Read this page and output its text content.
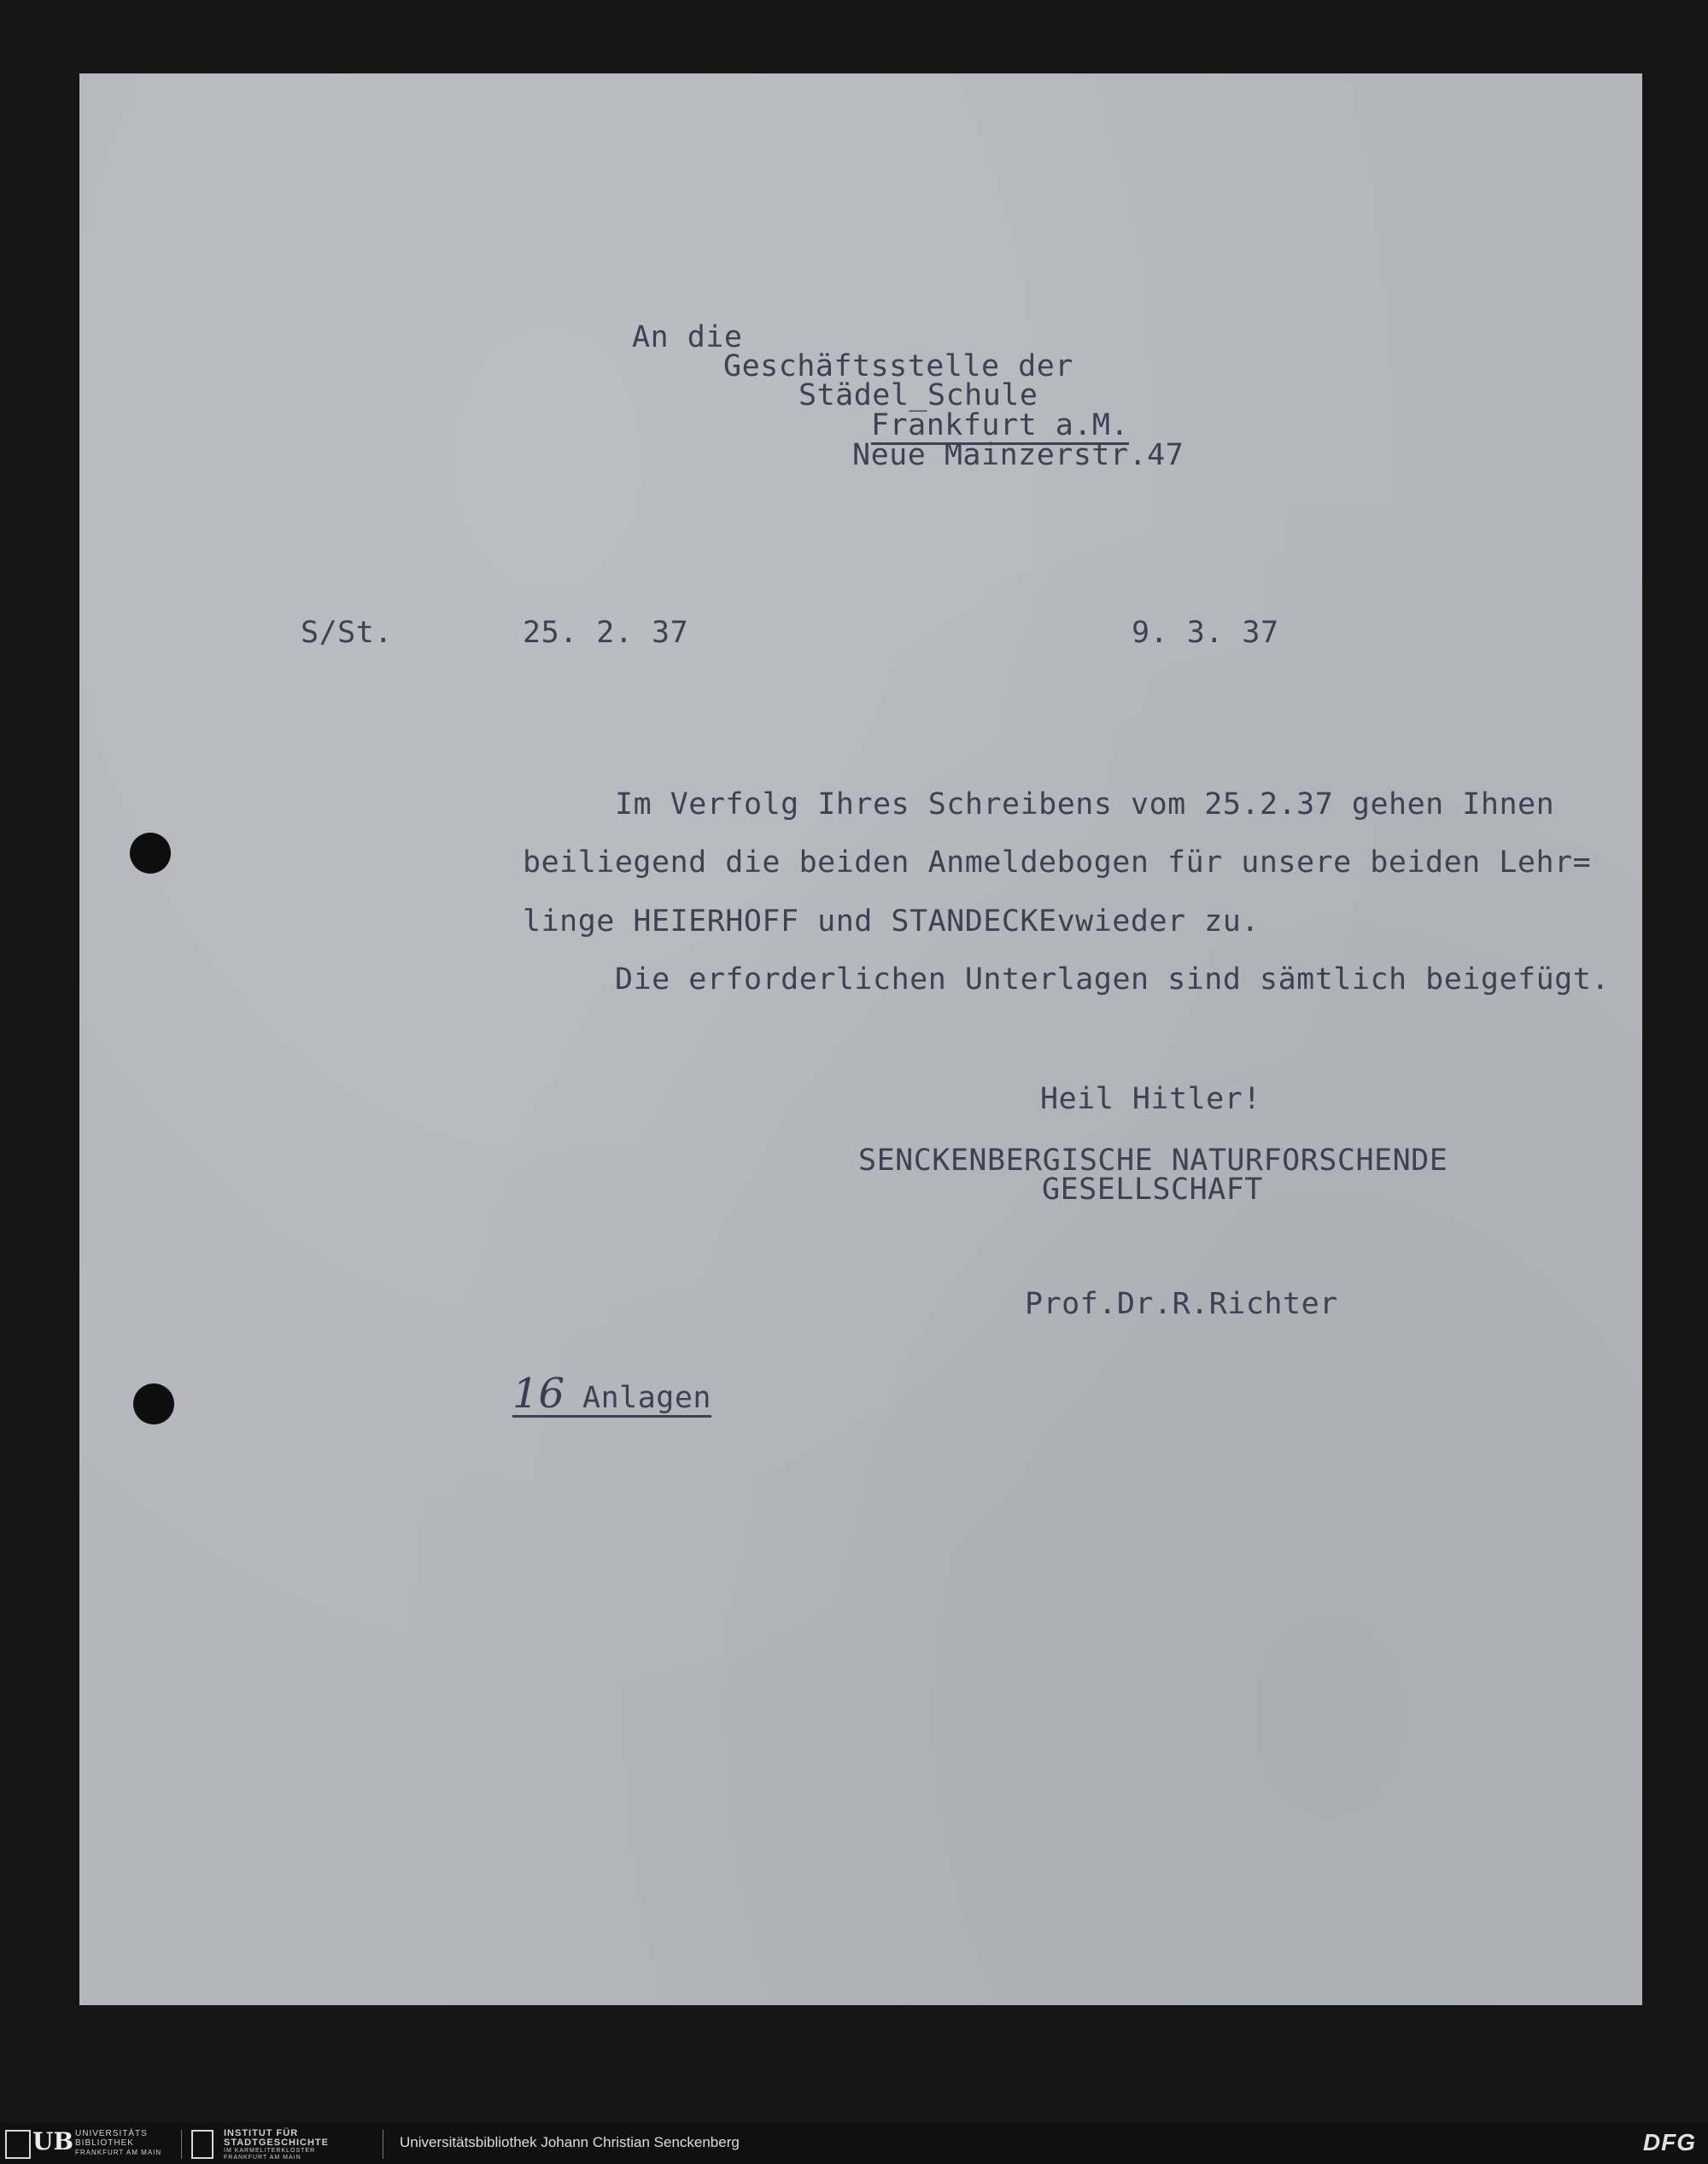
An die
Geschäftsstelle der
Städel_Schule
Frankfurt a.M.
Neue Mainzerstr.47
S/St.	25. 2. 37	9. 3. 37
Im Verfolg Ihres Schreibens vom 25.2.37 gehen Ihnen
beiliegend die beiden Anmeldebogen für unsere beiden Lehr=
linge HEIERHOFF und STANDECKEvwieder zu.
Die erforderlichen Unterlagen sind sämtlich beigefügt.
Heil Hitler!
SENCKENBERGISCHE NATURFORSCHENDE
GESELLSCHAFT
Prof.Dr.R.Richter
16 Anlagen
UB UNIVERSITÄTS
BIBLIOTHEK
FRANKFURT AM MAIN
INSTITUT FÜR
STADTGESCHICHTE
IM KARMELITERKLOSTER
FRANKFURT AM MAIN
Universitätsbibliothek Johann Christian Senckenberg	DFG
